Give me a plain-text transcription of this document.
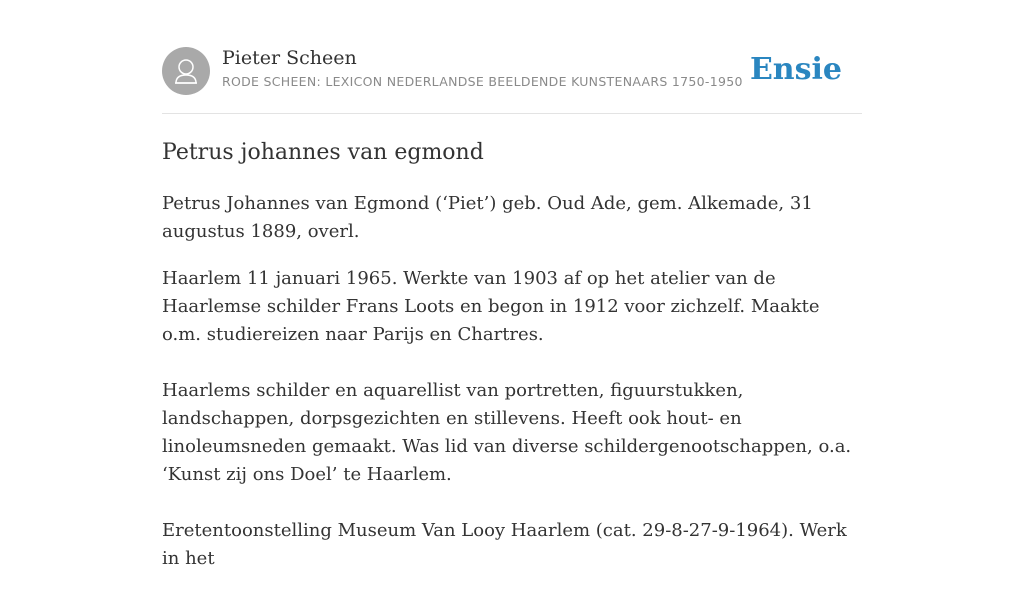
Pieter Scheen
RODE SCHEEN: LEXICON NEDERLANDSE BEELDENDE KUNSTENAARS 1750-1950 Ensie
Petrus johannes van egmond

Petrus Johannes van Egmond (‘Piet’) geb. Oud Ade, gem. Alkemade, 31 augustus 1889, overl.

Haarlem 11 januari 1965. Werkte van 1903 af op het atelier van de Haarlemse schilder Frans Loots en begon in 1912 voor zichzelf. Maakte o.m. studiereizen naar Parijs en Chartres.

Haarlems schilder en aquarellist van portretten, figuurstukken, landschappen, dorpsgezichten en stillevens. Heeft ook hout- en linoleumsneden gemaakt. Was lid van diverse schildergenootschappen, o.a. ‘Kunst zij ons Doel’ te Haarlem.

Eretentoonstelling Museum Van Looy Haarlem (cat. 29-8-27-9-1964). Werk in het
